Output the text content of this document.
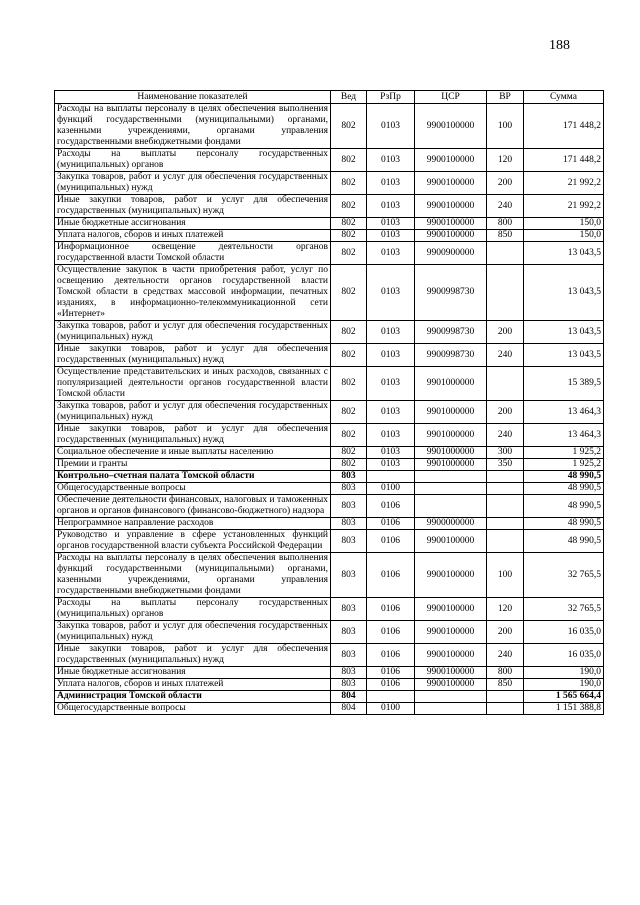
188
Наименование показателей	Вед	РзПр	ЦСР	ВР	Сумма
Расходы на выплаты персоналу в целях обеспечения выполнения функций государственными (муниципальными) органами, казенными учреждениями, органами управления государственными внебюджетными фондами	802	0103	9900100000	100	171 448,2
Расходы на выплаты персоналу государственных (муниципальных) органов	802	0103	9900100000	120	171 448,2
Закупка товаров, работ и услуг для обеспечения государственных (муниципальных) нужд	802	0103	9900100000	200	21 992,2
Иные закупки товаров, работ и услуг для обеспечения государственных (муниципальных) нужд	802	0103	9900100000	240	21 992,2
Иные бюджетные ассигнования	802	0103	9900100000	800	150,0
Уплата налогов, сборов и иных платежей	802	0103	9900100000	850	150,0
Информационное освещение деятельности органов государственной власти Томской области	802	0103	9900900000		13 043,5
Осуществление закупок в части приобретения работ, услуг по освещению деятельности органов государственной власти Томской области в средствах массовой информации, печатных изданиях, в информационно-телекоммуникационной сети «Интернет»	802	0103	9900998730		13 043,5
Закупка товаров, работ и услуг для обеспечения государственных (муниципальных) нужд	802	0103	9900998730	200	13 043,5
Иные закупки товаров, работ и услуг для обеспечения государственных (муниципальных) нужд	802	0103	9900998730	240	13 043,5
Осуществление представительских и иных расходов, связанных с популяризацией деятельности органов государственной власти Томской области	802	0103	9901000000		15 389,5
Закупка товаров, работ и услуг для обеспечения государственных (муниципальных) нужд	802	0103	9901000000	200	13 464,3
Иные закупки товаров, работ и услуг для обеспечения государственных (муниципальных) нужд	802	0103	9901000000	240	13 464,3
Социальное обеспечение и иные выплаты населению	802	0103	9901000000	300	1 925,2
Премии и гранты	802	0103	9901000000	350	1 925,2
Контрольно–счетная палата Томской области	803				48 990,5
Общегосударственные вопросы	803	0100			48 990,5
Обеспечение деятельности финансовых, налоговых и таможенных органов и органов финансового (финансово-бюджетного) надзора	803	0106			48 990,5
Непрограммное направление расходов	803	0106	9900000000		48 990,5
Руководство и управление в сфере установленных функций органов государственной власти субъекта Российской Федерации	803	0106	9900100000		48 990,5
Расходы на выплаты персоналу в целях обеспечения выполнения функций государственными (муниципальными) органами, казенными учреждениями, органами управления государственными внебюджетными фондами	803	0106	9900100000	100	32 765,5
Расходы на выплаты персоналу государственных (муниципальных) органов	803	0106	9900100000	120	32 765,5
Закупка товаров, работ и услуг для обеспечения государственных (муниципальных) нужд	803	0106	9900100000	200	16 035,0
Иные закупки товаров, работ и услуг для обеспечения государственных (муниципальных) нужд	803	0106	9900100000	240	16 035,0
Иные бюджетные ассигнования	803	0106	9900100000	800	190,0
Уплата налогов, сборов и иных платежей	803	0106	9900100000	850	190,0
Администрация Томской области	804				1 565 664,4
Общегосударственные вопросы	804	0100			1 151 388,8
